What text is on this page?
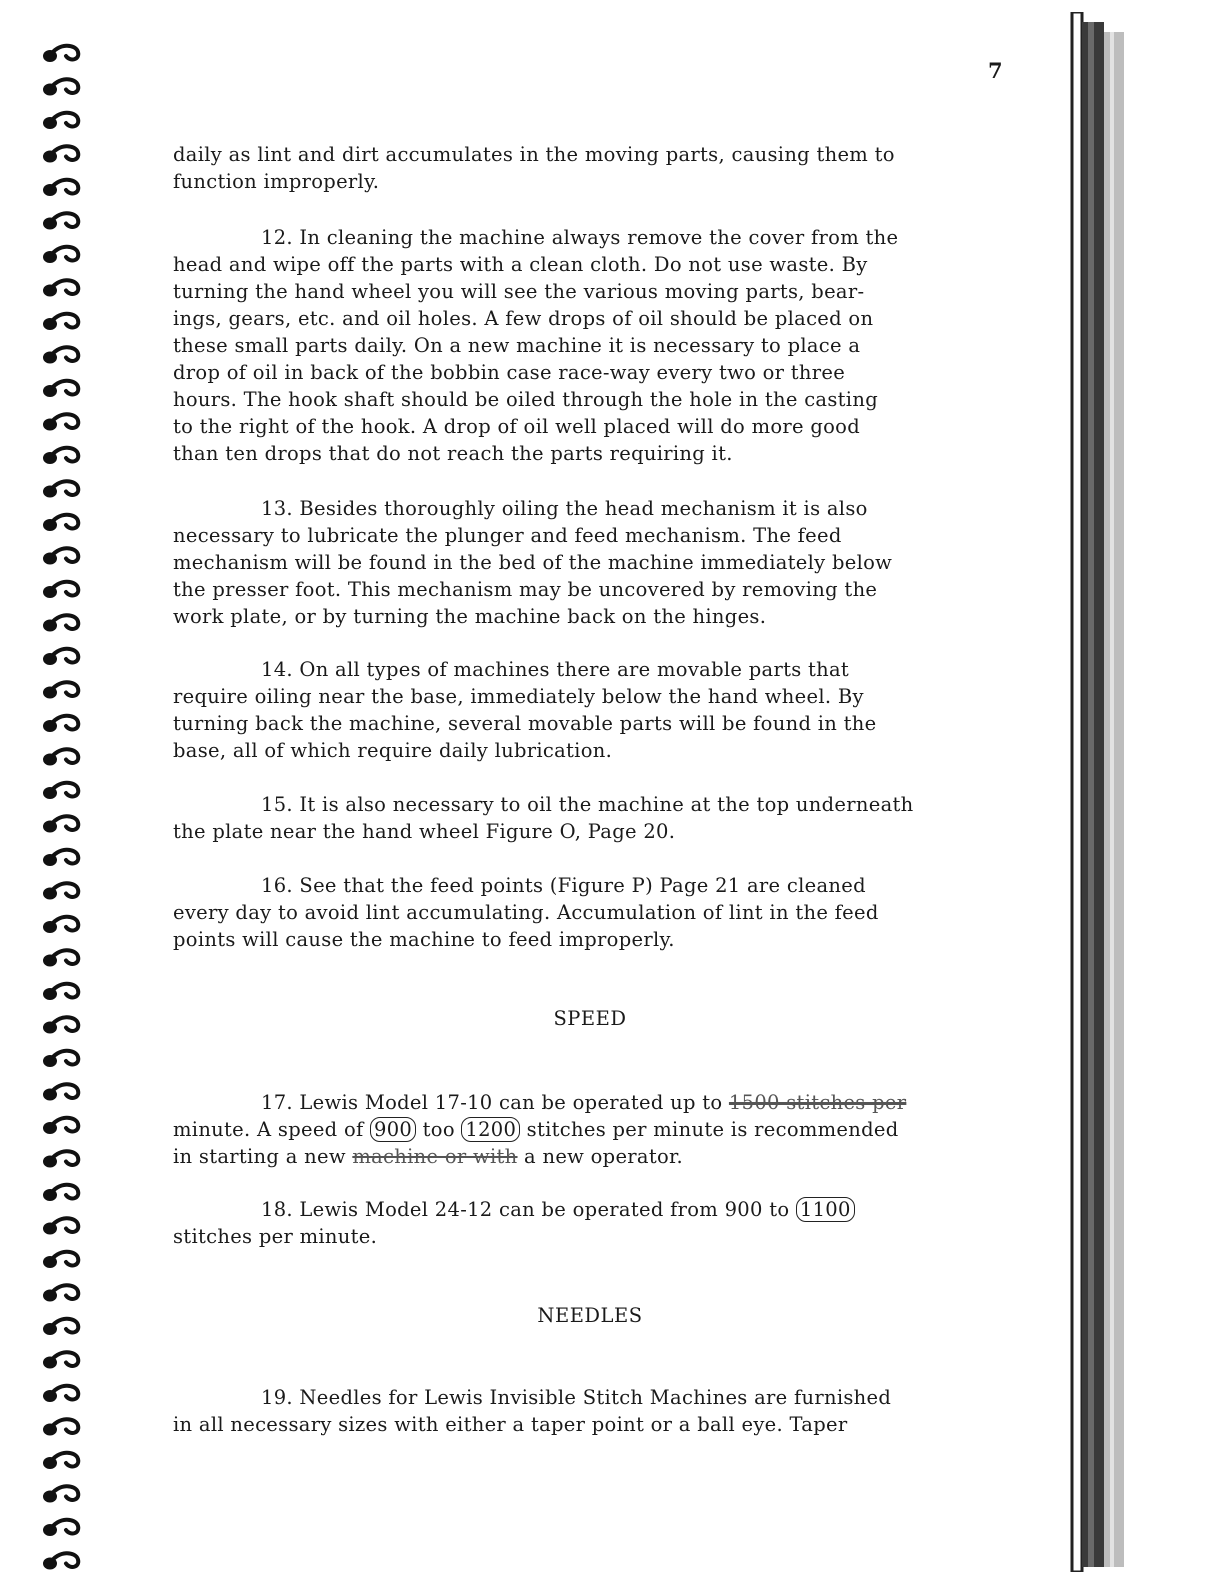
7
daily as lint and dirt accumulates in the moving parts, causing them to
function improperly.
12. In cleaning the machine always remove the cover from the
head and wipe off the parts with a clean cloth. Do not use waste. By
turning the hand wheel you will see the various moving parts, bear-
ings, gears, etc. and oil holes. A few drops of oil should be placed on
these small parts daily. On a new machine it is necessary to place a
drop of oil in back of the bobbin case race-way every two or three
hours. The hook shaft should be oiled through the hole in the casting
to the right of the hook. A drop of oil well placed will do more good
than ten drops that do not reach the parts requiring it.
13. Besides thoroughly oiling the head mechanism it is also
necessary to lubricate the plunger and feed mechanism. The feed
mechanism will be found in the bed of the machine immediately below
the presser foot. This mechanism may be uncovered by removing the
work plate, or by turning the machine back on the hinges.
14. On all types of machines there are movable parts that
require oiling near the base, immediately below the hand wheel. By
turning back the machine, several movable parts will be found in the
base, all of which require daily lubrication.
15. It is also necessary to oil the machine at the top underneath
the plate near the hand wheel Figure O, Page 20.
16. See that the feed points (Figure P) Page 21 are cleaned
every day to avoid lint accumulating. Accumulation of lint in the feed
points will cause the machine to feed improperly.
SPEED
17. Lewis Model 17-10 can be operated up to 1500 stitches per
minute. A speed of 900 too 1200 stitches per minute is recommended
in starting a new machine or with a new operator.
18. Lewis Model 24-12 can be operated from 900 to 1100
stitches per minute.
NEEDLES
19. Needles for Lewis Invisible Stitch Machines are furnished
in all necessary sizes with either a taper point or a ball eye. Taper
